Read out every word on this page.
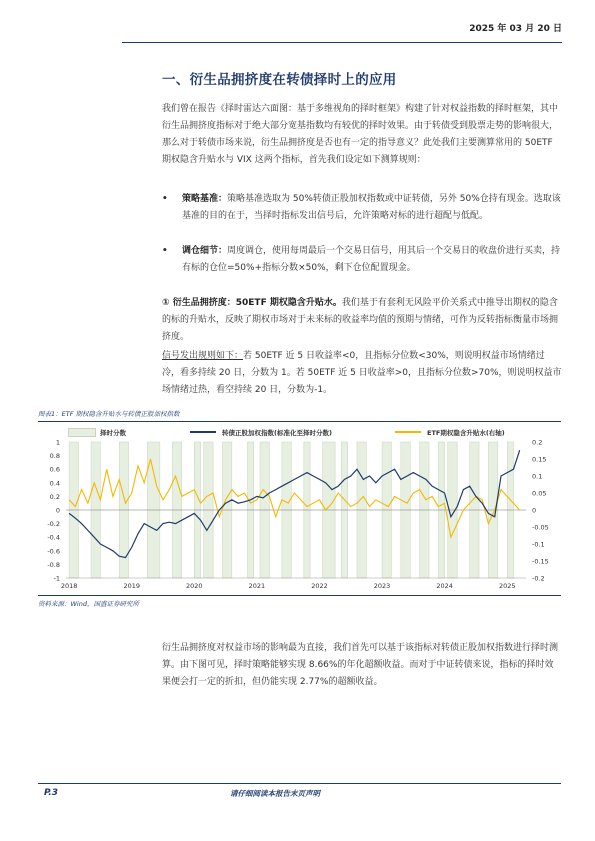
2025 年 03 月 20 日
一、衍生品拥挤度在转债择时上的应用

我们曾在报告《择时雷达六面图：基于多维视角的择时框架》构建了针对权益指数的择时框架，其中衍生品拥挤度指标对于绝大部分宽基指数均有较优的择时效果。由于转债受到股票走势的影响很大，那么对于转债市场来说，衍生品拥挤度是否也有一定的指导意义？此处我们主要测算常用的 50ETF 期权隐含升贴水与 VIX 这两个指标，首先我们设定如下测算规则：

• 策略基准：策略基准选取为 50%转债正股加权指数或中证转债，另外 50%仓持有现金。选取该基准的目的在于，当择时指标发出信号后，允许策略对标的进行超配与低配。
• 调仓细节：周度调仓，使用每周最后一个交易日信号，用其后一个交易日的收盘价进行买卖，持有标的仓位=50%+指标分数×50%，剩下仓位配置现金。

① 衍生品拥挤度：50ETF 期权隐含升贴水。我们基于有套利无风险平价关系式中推导出期权的隐含的标的升贴水，反映了期权市场对于未来标的收益率均值的预期与情绪，可作为反转指标衡量市场拥挤度。

信号发出规则如下：若 50ETF 近 5 日收益率<0，且指标分位数<30%，则说明权益市场情绪过冷，看多持续 20 日，分数为 1。若 50ETF 近 5 日收益率>0，且指标分位数>70%，则说明权益市场情绪过热，看空持续 20 日，分数为-1。

图表1：ETF 期权隐含升贴水与转债正股加权指数
择时分数	转债正股加权指数(标准化至择时分数)	ETF期权隐含升贴水(右轴)
1
0.8
0.6
0.4
0.2
0
-0.2
-0.4
-0.6
-0.8
-1
0.2
0.15
0.1
0.05
0
-0.05
-0.1
-0.15
-0.2
2018	2019	2020	2021	2022	2023	2024	2025
资料来源：Wind，国盛证券研究所

衍生品拥挤度对权益市场的影响最为直接，我们首先可以基于该指标对转债正股加权指数进行择时测算。由下图可见，择时策略能够实现 8.66%的年化超额收益。而对于中证转债来说，指标的择时效果便会打一定的折扣，但仍能实现 2.77%的超额收益。

P.3	请仔细阅读本报告末页声明
